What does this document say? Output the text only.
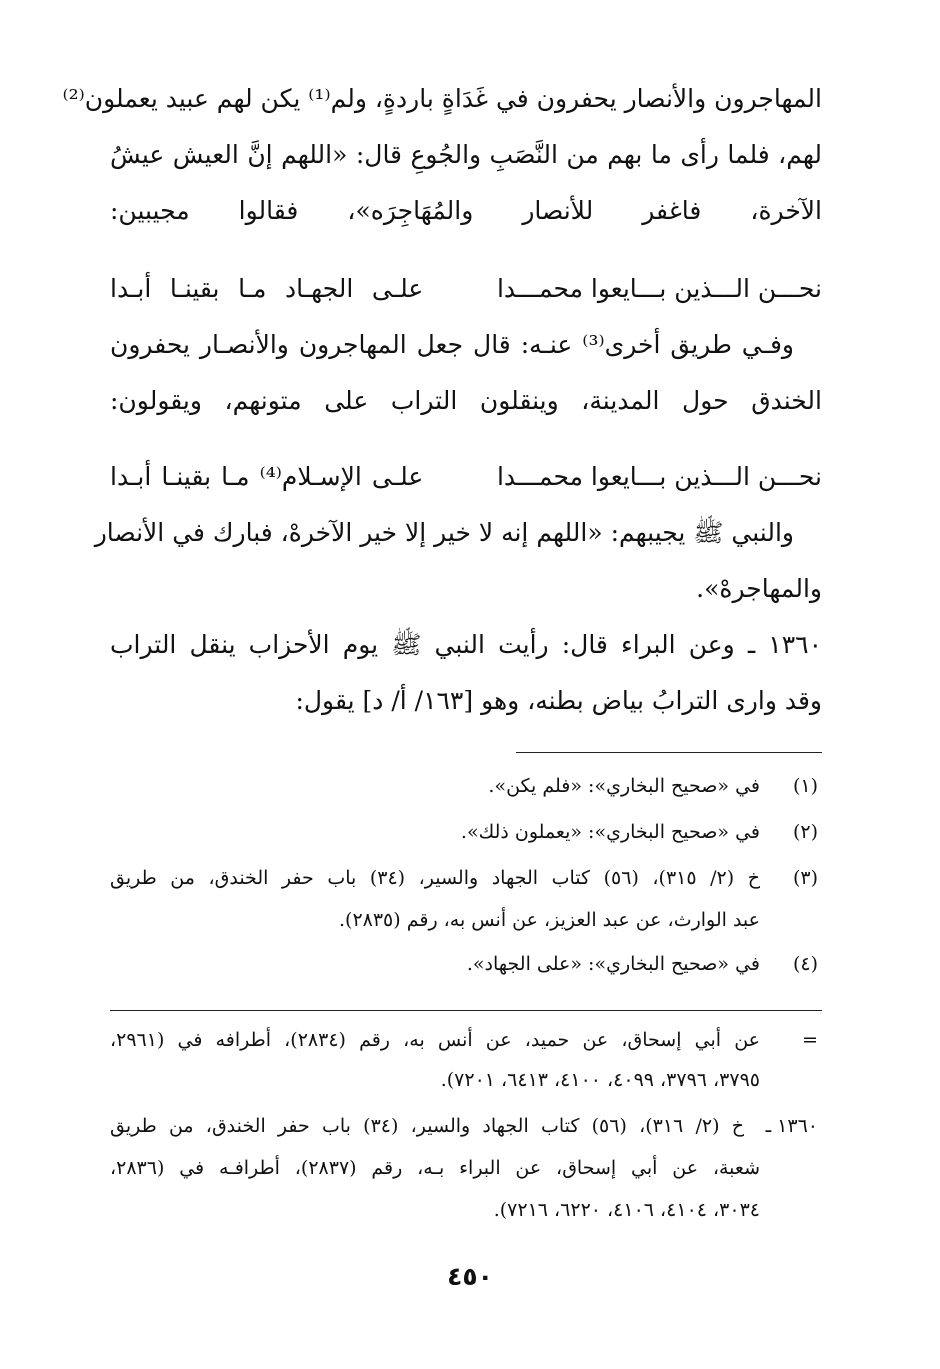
المهاجرون والأنصار يحفرون في غَدَاةٍ باردةٍ، ولم⁽¹⁾ يكن لهم عبيد يعملون⁽²⁾
لهم، فلما رأى ما بهم من النَّصَبِ والجُوعِ قال: «اللهم إنَّ العيش عيشُ
الآخرة، فاغفر للأنصار والمُهَاجِرَه»، فقالوا مجيبين:
نحـــن الـــذين بـــايعوا محمـــدا
علـى الجهـاد مـا بقينـا أبـدا
وفـي طريق أخرى⁽³⁾ عنـه: قال جعل المهاجرون والأنصـار يحفرون
الخندق حول المدينة، وينقلون التراب على متونهم، ويقولون:
نحـــن الـــذين بـــايعوا محمـــدا
علـى الإسـلام⁽⁴⁾ مـا بقينـا أبـدا
والنبي ﷺ يجيبهم: «اللهم إنه لا خير إلا خير الآخرهْ، فبارك في الأنصار
والمهاجرهْ».
١٣٦٠ ـ وعن البراء قال: رأيت النبي ﷺ يوم الأحزاب ينقل التراب
وقد وارى الترابُ بياض بطنه، وهو [١٦٣/ أ/ د] يقول:
(١)
في «صحيح البخاري»: «فلم يكن».
(٢)
في «صحيح البخاري»: «يعملون ذلك».
(٣)
خ (٢/ ٣١٥)، (٥٦) كتاب الجهاد والسير، (٣٤) باب حفر الخندق، من طريق
عبد الوارث، عن عبد العزيز، عن أنس به، رقم (٢٨٣٥).
(٤)
في «صحيح البخاري»: «على الجهاد».
=
عن أبي إسحاق، عن حميد، عن أنس به، رقم (٢٨٣٤)، أطرافه في (٢٩٦١،
٣٧٩٥، ٣٧٩٦، ٤٠٩٩، ٤١٠٠، ٦٤١٣، ٧٢٠١).
١٣٦٠ ـ
خ (٢/ ٣١٦)، (٥٦) كتاب الجهاد والسير، (٣٤) باب حفر الخندق، من طريق
شعبة، عن أبي إسحاق، عن البراء بـه، رقم (٢٨٣٧)، أطرافـه في (٢٨٣٦،
٣٠٣٤، ٤١٠٤، ٤١٠٦، ٦٢٢٠، ٧٢١٦).
٤٥٠
